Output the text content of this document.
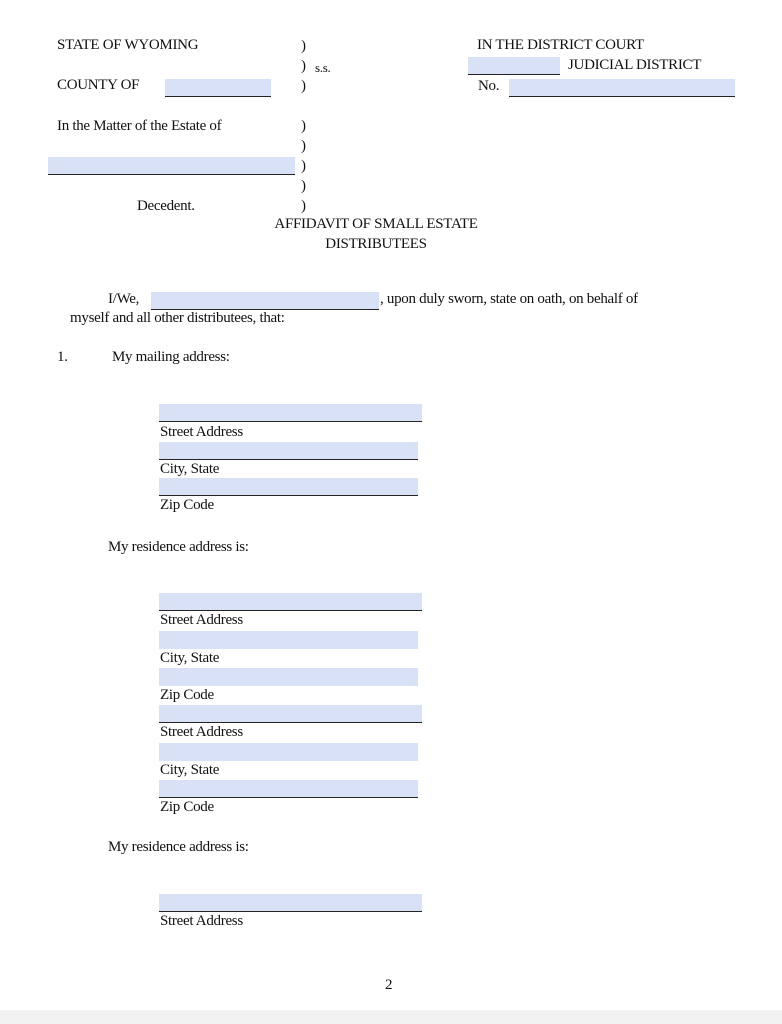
STATE OF WYOMING	)
) s.s.
COUNTY OF	)
IN THE DISTRICT COURT
JUDICIAL DISTRICT
No.
In the Matter of the Estate of	)
)
)
)
Decedent.	)
AFFIDAVIT OF SMALL ESTATE
DISTRIBUTEES
I/We,	, upon duly sworn, state on oath, on behalf of
myself and all other distributees, that:
1.	My mailing address:
Street Address
City, State
Zip Code
My residence address is:
Street Address
City, State
Zip Code
Street Address
City, State
Zip Code
My residence address is:
Street Address
2
